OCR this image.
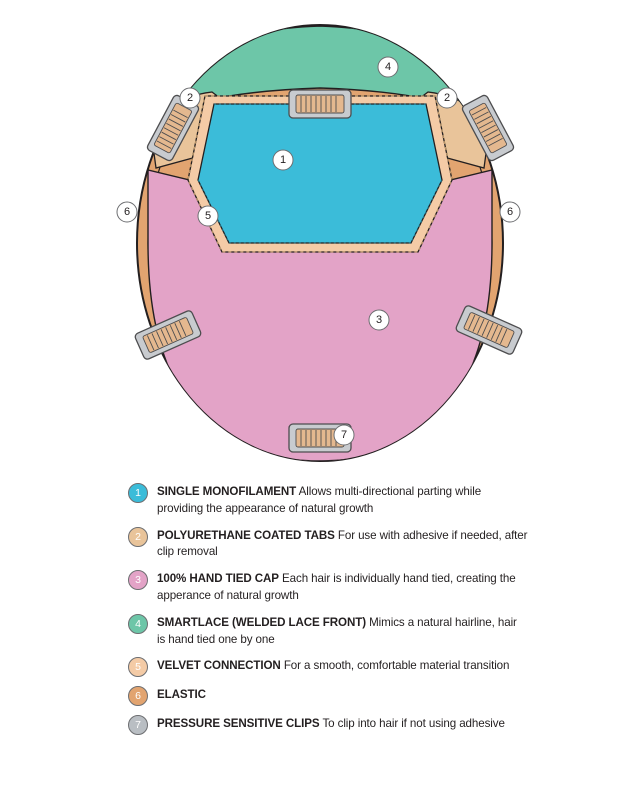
1
2	2
3
4
5
6	6
7
1	SINGLE MONOFILAMENT Allows multi-directional parting while providing the appearance of natural growth
2	POLYURETHANE COATED TABS For use with adhesive if needed, after clip removal
3	100% HAND TIED CAP Each hair is individually hand tied, creating the apperance of natural growth
4	SMARTLACE (WELDED LACE FRONT) Mimics a natural hairline, hair is hand tied one by one
5	VELVET CONNECTION For a smooth, comfortable material transition
6	ELASTIC
7	PRESSURE SENSITIVE CLIPS To clip into hair if not using adhesive
